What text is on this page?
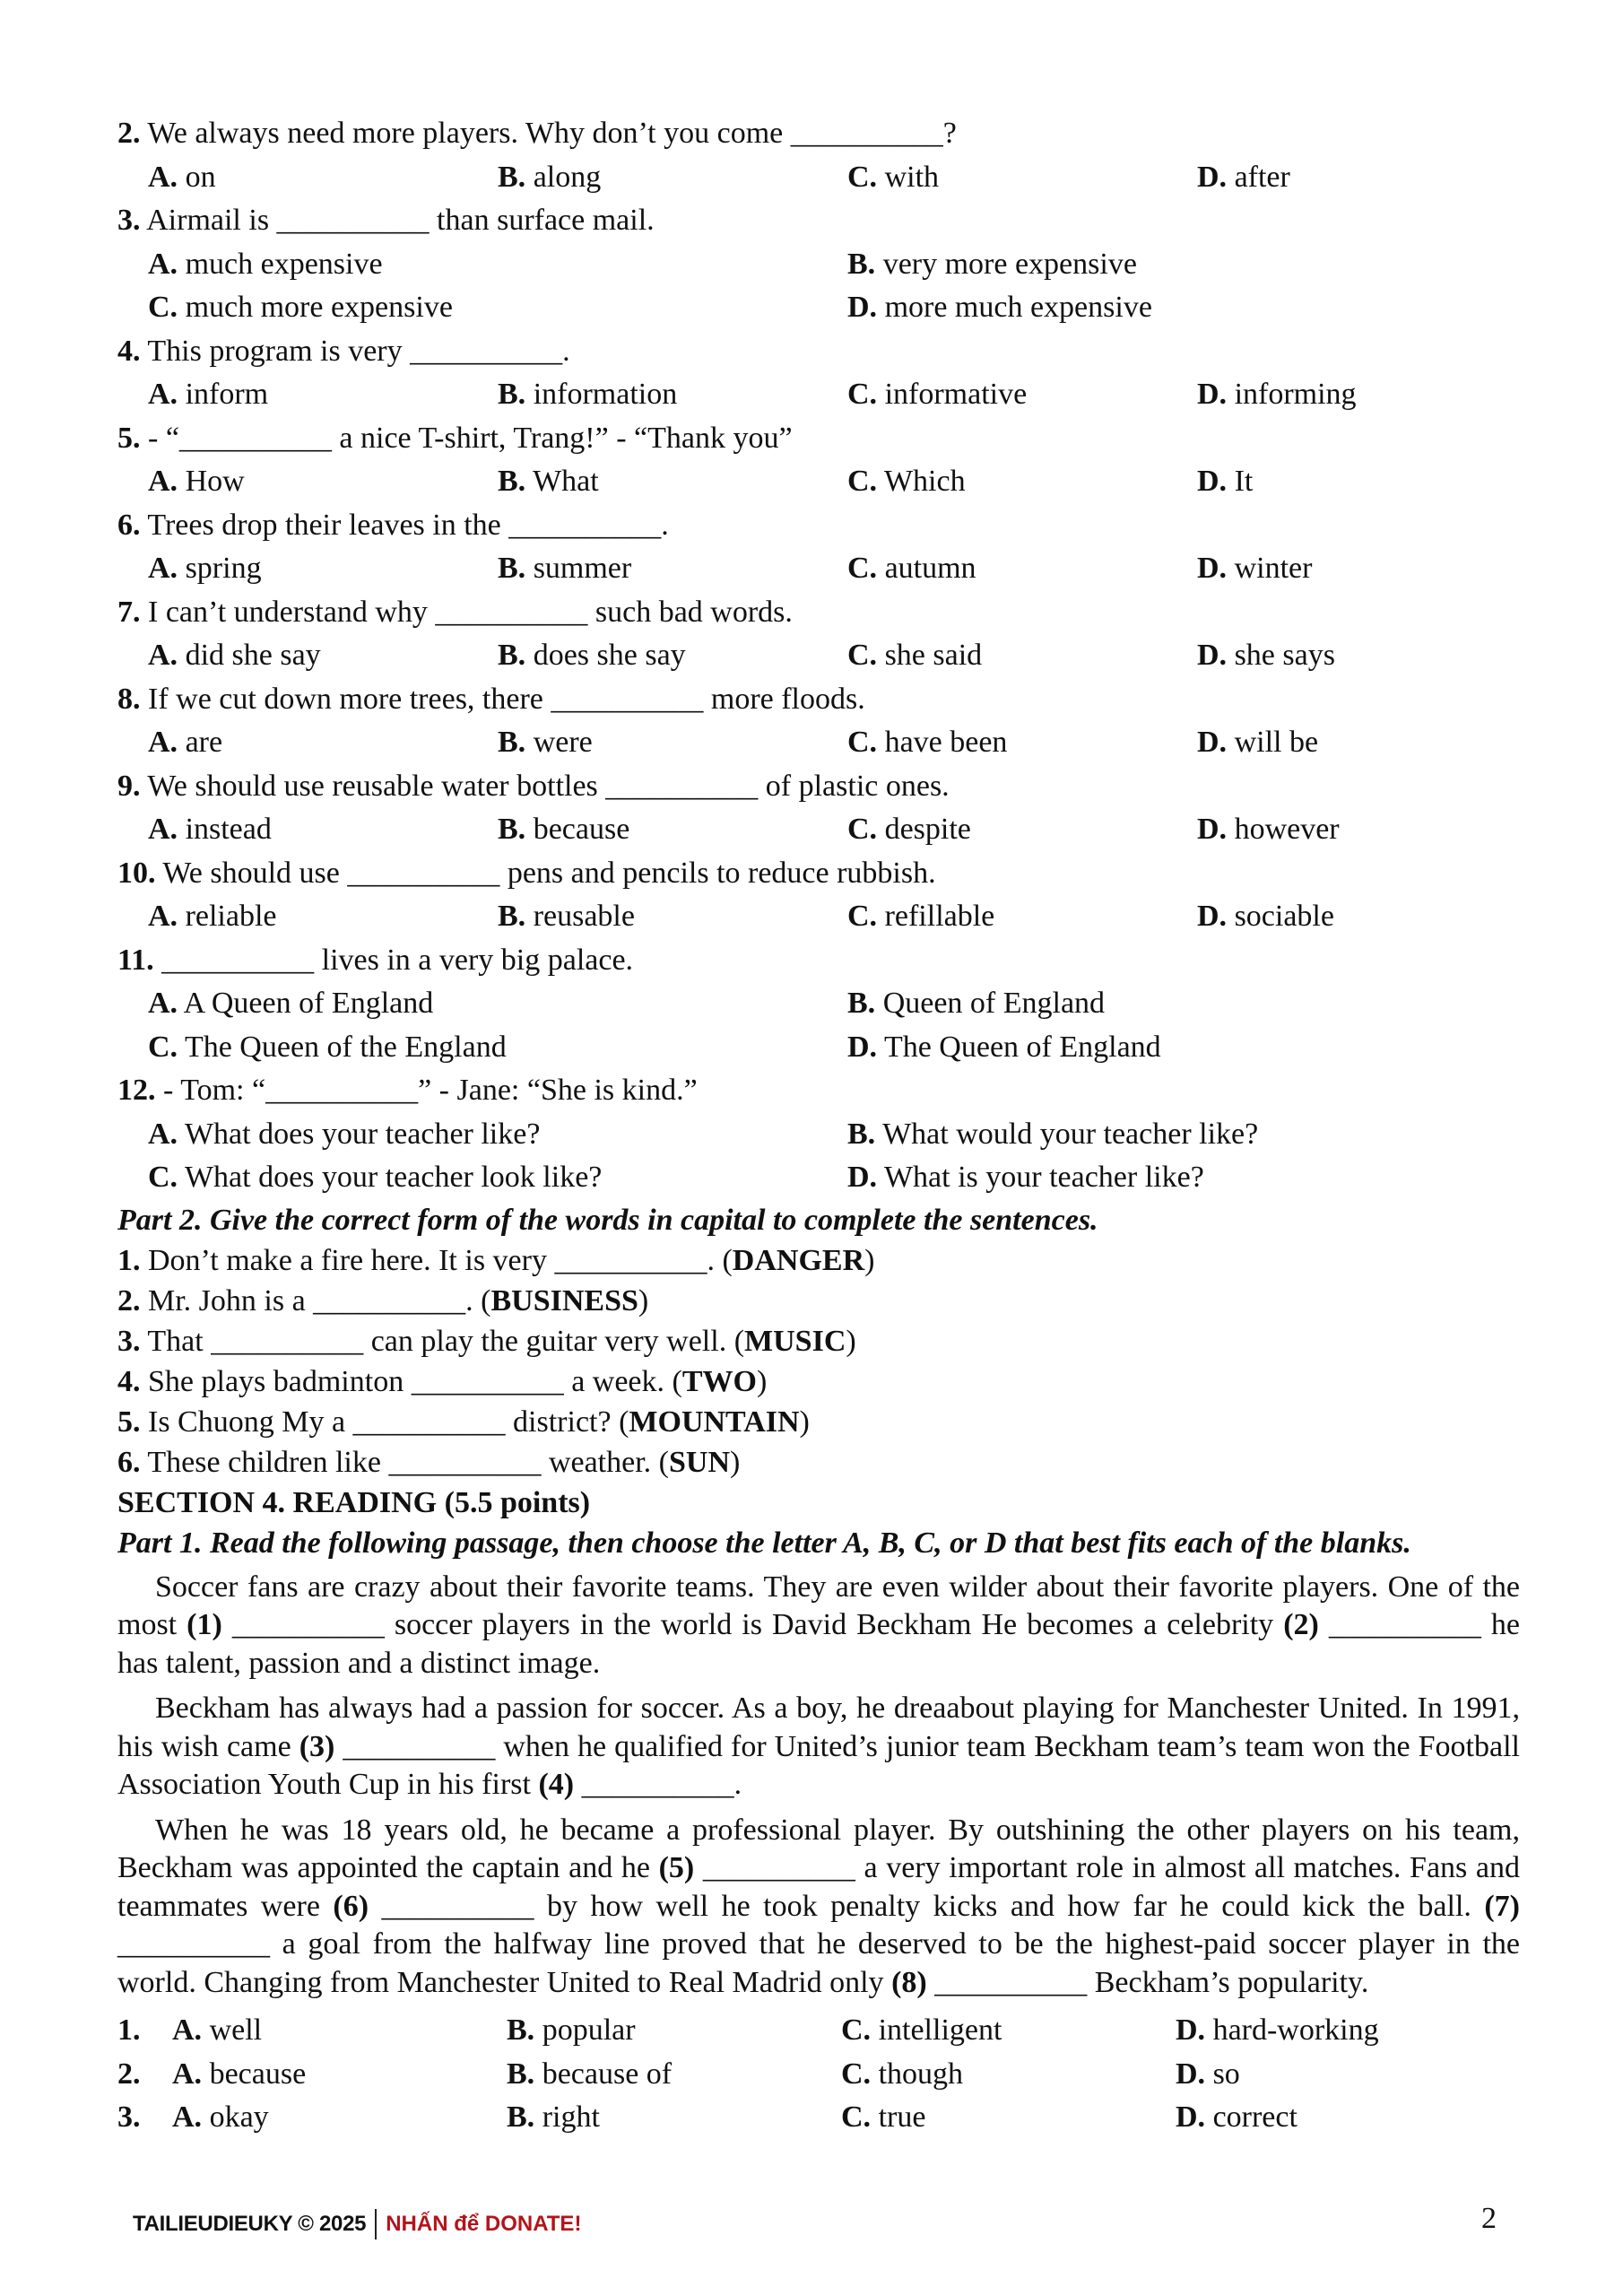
2. We always need more players. Why don’t you come __________?
A. on	B. along	C. with	D. after
3. Airmail is __________ than surface mail.
A. much expensive	B. very more expensive
C. much more expensive	D. more much expensive
4. This program is very __________.
A. inform	B. information	C. informative	D. informing
5. - “__________ a nice T-shirt, Trang!” - “Thank you”
A. How	B. What	C. Which	D. It
6. Trees drop their leaves in the __________.
A. spring	B. summer	C. autumn	D. winter
7. I can’t understand why __________ such bad words.
A. did she say	B. does she say	C. she said	D. she says
8. If we cut down more trees, there __________ more floods.
A. are	B. were	C. have been	D. will be
9. We should use reusable water bottles __________ of plastic ones.
A. instead	B. because	C. despite	D. however
10. We should use __________ pens and pencils to reduce rubbish.
A. reliable	B. reusable	C. refillable	D. sociable
11. __________ lives in a very big palace.
A. A Queen of England	B. Queen of England
C. The Queen of the England	D. The Queen of England
12. - Tom: “__________” - Jane: “She is kind.”
A. What does your teacher like?	B. What would your teacher like?
C. What does your teacher look like?	D. What is your teacher like?
Part 2. Give the correct form of the words in capital to complete the sentences.
1. Don’t make a fire here. It is very __________. (DANGER)
2. Mr. John is a __________. (BUSINESS)
3. That __________ can play the guitar very well. (MUSIC)
4. She plays badminton __________ a week. (TWO)
5. Is Chuong My a __________ district? (MOUNTAIN)
6. These children like __________ weather. (SUN)
SECTION 4. READING (5.5 points)
Part 1. Read the following passage, then choose the letter A, B, C, or D that best fits each of the blanks.

Soccer fans are crazy about their favorite teams. They are even wilder about their favorite players. One of the most (1) __________ soccer players in the world is David Beckham He becomes a celebrity (2) __________ he has talent, passion and a distinct image.

Beckham has always had a passion for soccer. As a boy, he dreaabout playing for Manchester United. In 1991, his wish came (3) __________ when he qualified for United’s junior team Beckham team’s team won the Football Association Youth Cup in his first (4) __________.

When he was 18 years old, he became a professional player. By outshining the other players on his team, Beckham was appointed the captain and he (5) __________ a very important role in almost all matches. Fans and teammates were (6) __________ by how well he took penalty kicks and how far he could kick the ball. (7) __________ a goal from the halfway line proved that he deserved to be the highest-paid soccer player in the world. Changing from Manchester United to Real Madrid only (8) __________ Beckham’s popularity.

1. A. well	B. popular	C. intelligent	D. hard-working
2. A. because	B. because of	C. though	D. so
3. A. okay	B. right	C. true	D. correct
TAILIEUDIEUKY © 2025 NHẤN để DONATE!	2
